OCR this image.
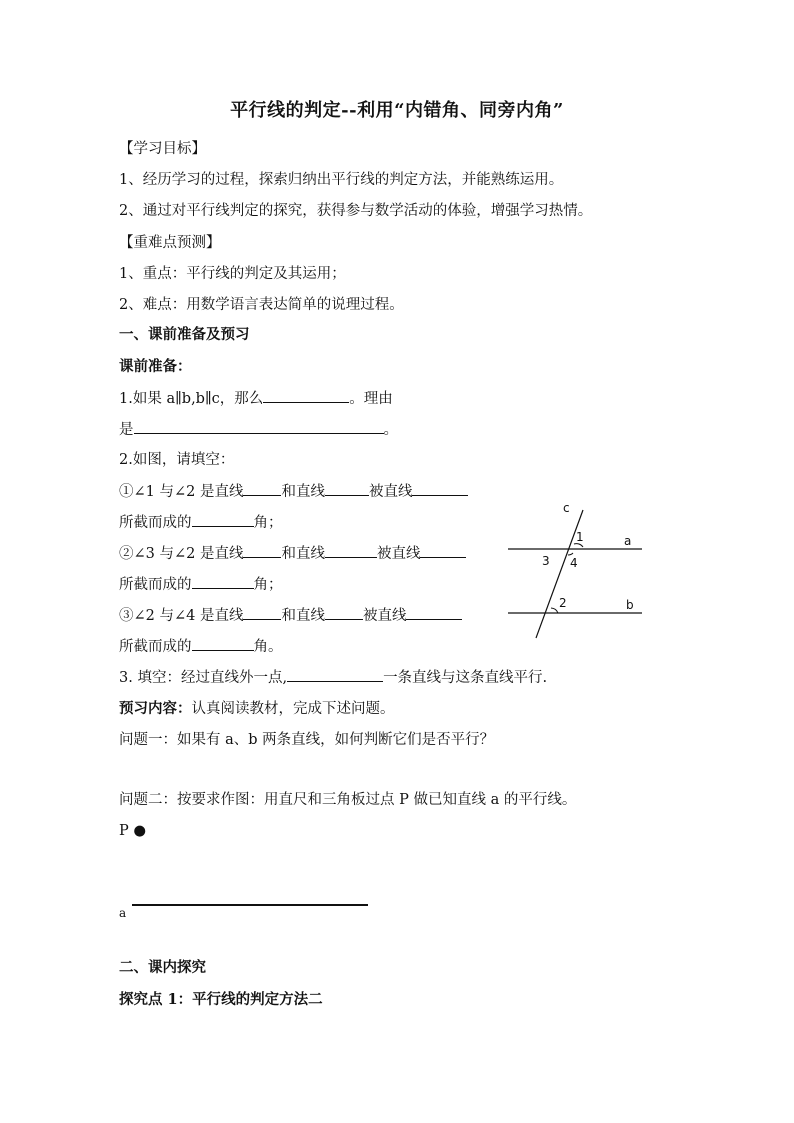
平行线的判定--利用“内错角、同旁内角”
【学习目标】
1、经历学习的过程，探索归纳出平行线的判定方法，并能熟练运用。
2、通过对平行线判定的探究，获得参与数学活动的体验，增强学习热情。
【重难点预测】
1、重点：平行线的判定及其运用；
2、难点：用数学语言表达简单的说理过程。
一、课前准备及预习
课前准备：
1.如果 a∥b,b∥c，那么	。理由
是	。
2.如图，请填空：
①∠1 与∠2 是直线	和直线	被直线
所截而成的	角；
②∠3 与∠2 是直线	和直线	被直线
所截而成的	角；
③∠2 与∠4 是直线	和直线	被直线
所截而成的	角。
3. 填空：经过直线外一点,	一条直线与这条直线平行.
预习内容：认真阅读教材，完成下述问题。
问题一：如果有 a、b 两条直线，如何判断它们是否平行？
问题二：按要求作图：用直尺和三角板过点 P 做已知直线 a 的平行线。
P ●
a
二、课内探究
探究点 1：平行线的判定方法二
c
a
b
1
2
3 4
